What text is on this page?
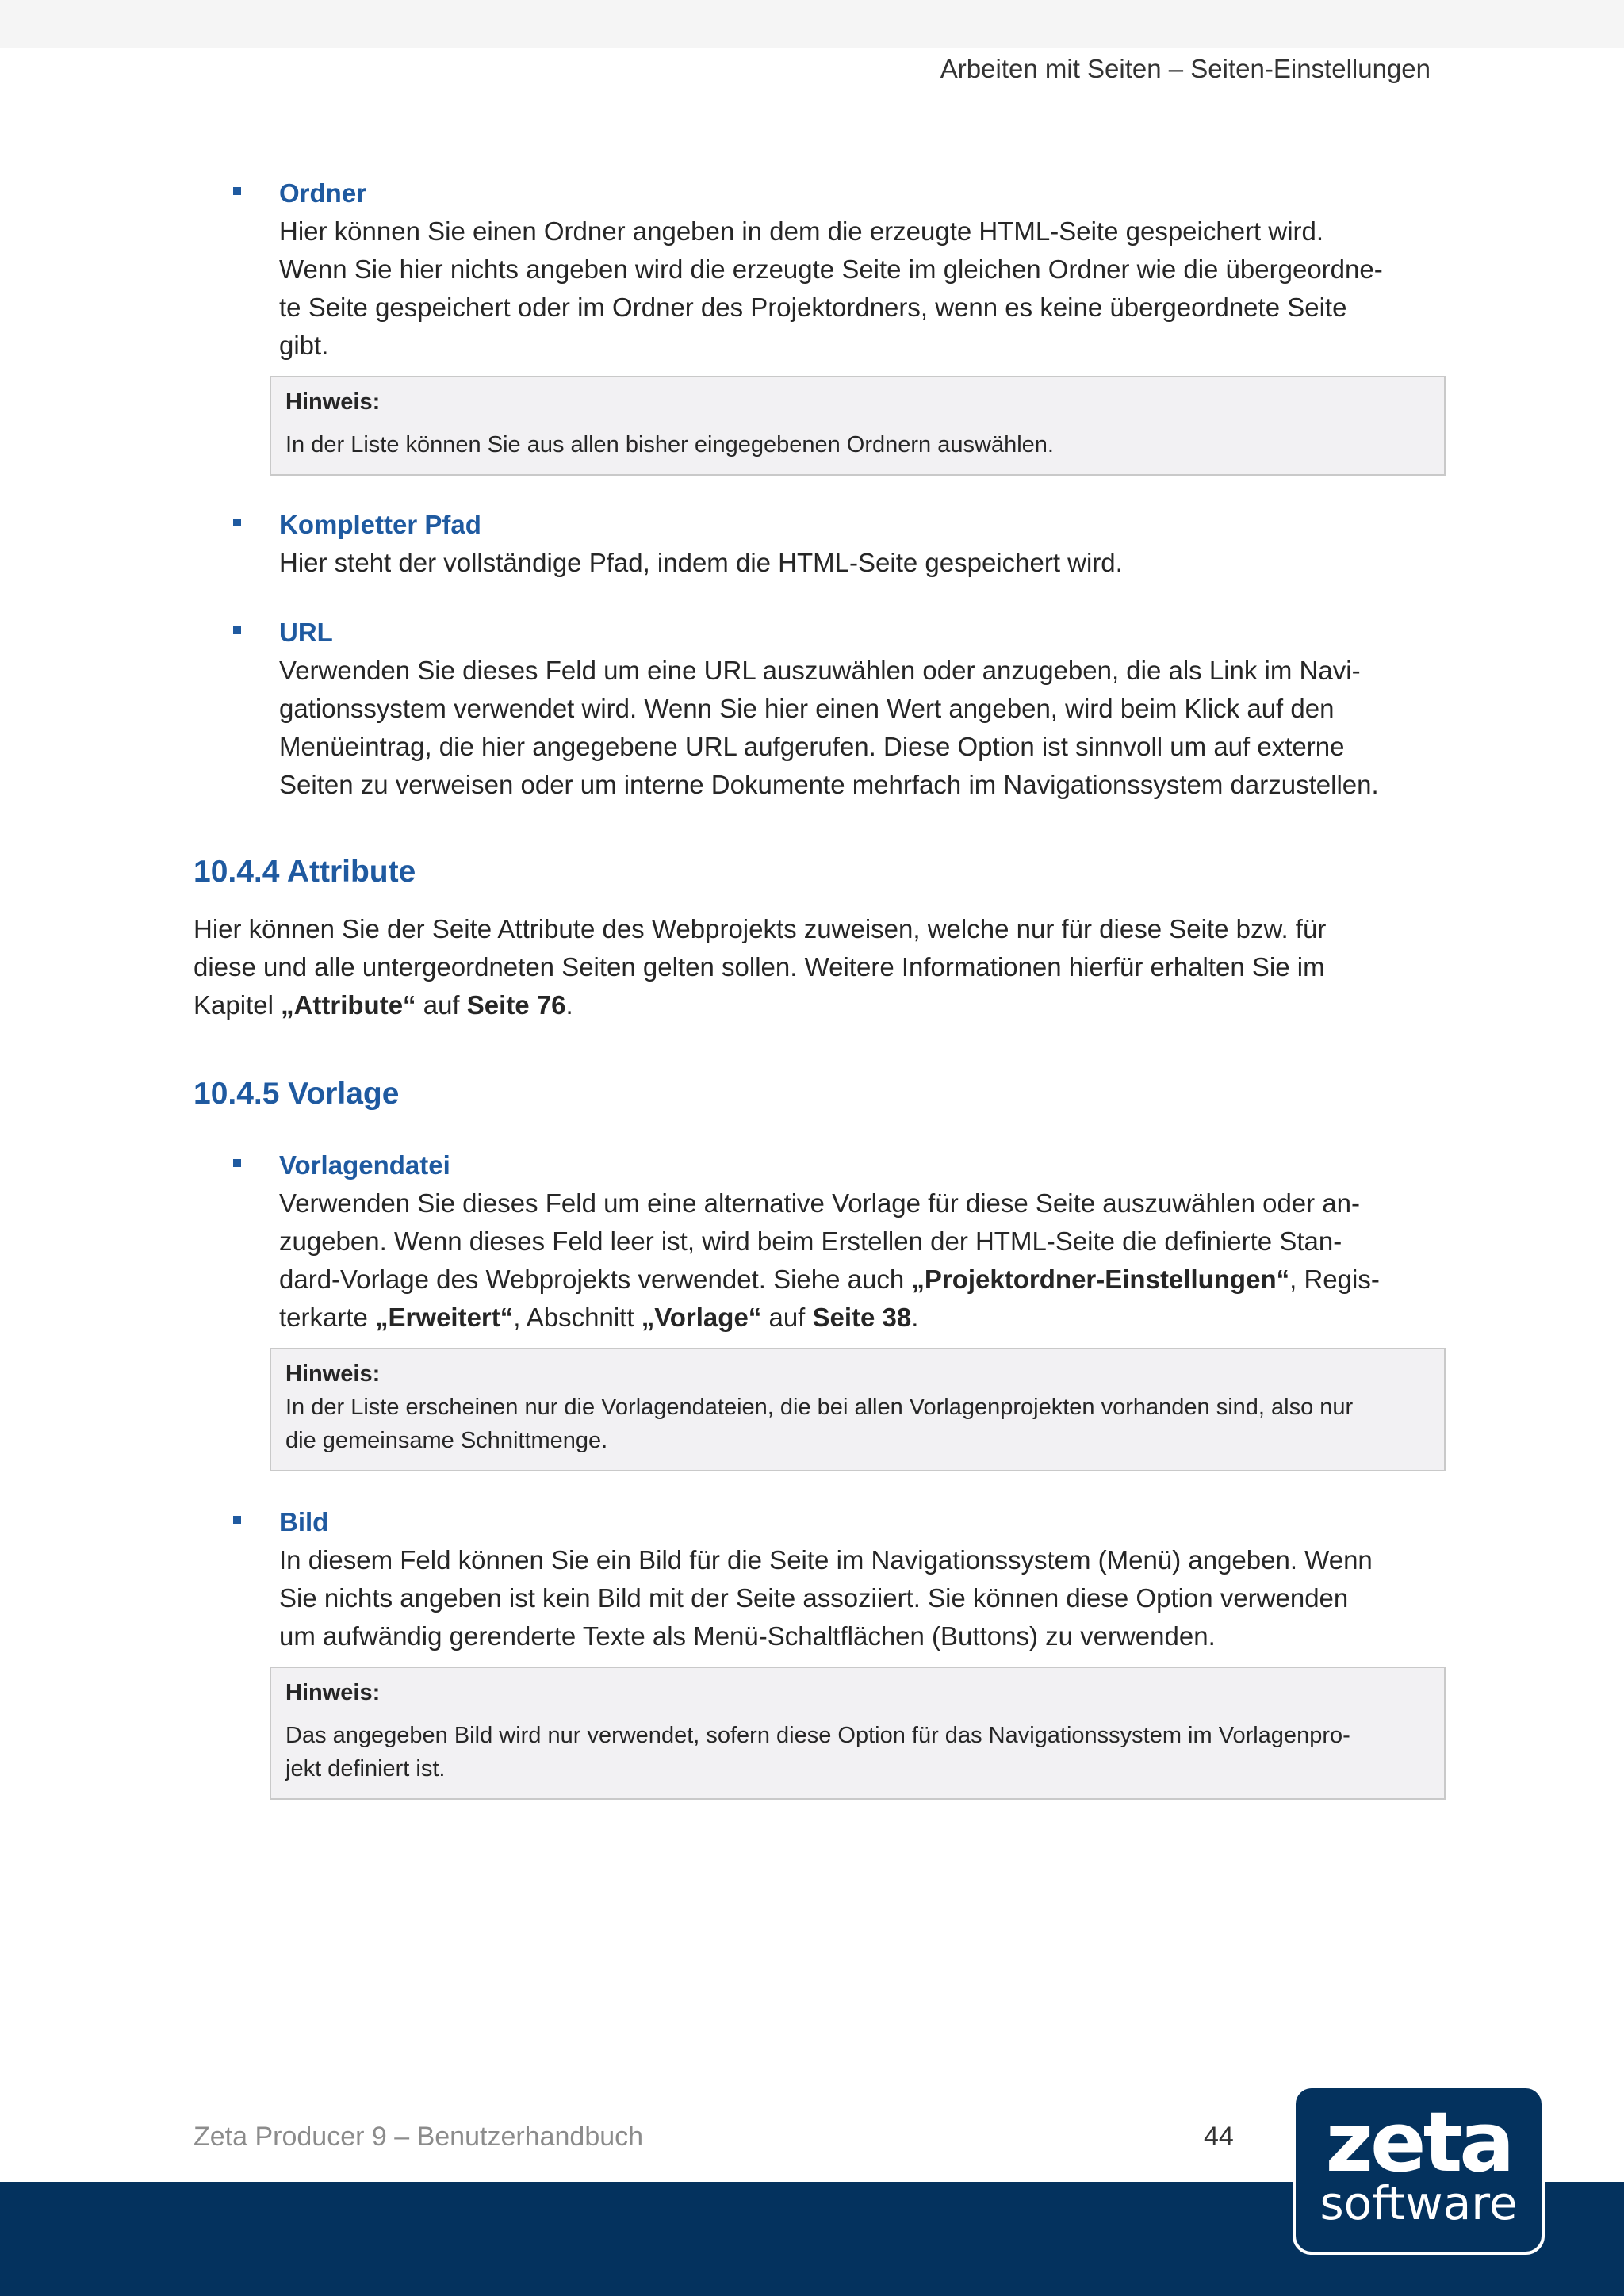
Arbeiten mit Seiten – Seiten-Einstellungen
Ordner
Hier können Sie einen Ordner angeben in dem die erzeugte HTML-Seite gespeichert wird.
Wenn Sie hier nichts angeben wird die erzeugte Seite im gleichen Ordner wie die übergeordne-
te Seite gespeichert oder im Ordner des Projektordners, wenn es keine übergeordnete Seite
gibt.
Hinweis:
In der Liste können Sie aus allen bisher eingegebenen Ordnern auswählen.
Kompletter Pfad
Hier steht der vollständige Pfad, indem die HTML-Seite gespeichert wird.
URL
Verwenden Sie dieses Feld um eine URL auszuwählen oder anzugeben, die als Link im Navi-
gationssystem verwendet wird. Wenn Sie hier einen Wert angeben, wird beim Klick auf den
Menüeintrag, die hier angegebene URL aufgerufen. Diese Option ist sinnvoll um auf externe
Seiten zu verweisen oder um interne Dokumente mehrfach im Navigationssystem darzustellen.
10.4.4 Attribute
Hier können Sie der Seite Attribute des Webprojekts zuweisen, welche nur für diese Seite bzw. für
diese und alle untergeordneten Seiten gelten sollen. Weitere Informationen hierfür erhalten Sie im
Kapitel „Attribute“ auf Seite 76.
10.4.5 Vorlage
Vorlagendatei
Verwenden Sie dieses Feld um eine alternative Vorlage für diese Seite auszuwählen oder an-
zugeben. Wenn dieses Feld leer ist, wird beim Erstellen der HTML-Seite die definierte Stan-
dard-Vorlage des Webprojekts verwendet. Siehe auch „Projektordner-Einstellungen“, Regis-
terkarte „Erweitert“, Abschnitt „Vorlage“ auf Seite 38.
Hinweis:
In der Liste erscheinen nur die Vorlagendateien, die bei allen Vorlagenprojekten vorhanden sind, also nur
die gemeinsame Schnittmenge.
Bild
In diesem Feld können Sie ein Bild für die Seite im Navigationssystem (Menü) angeben. Wenn
Sie nichts angeben ist kein Bild mit der Seite assoziiert. Sie können diese Option verwenden
um aufwändig gerenderte Texte als Menü-Schaltflächen (Buttons) zu verwenden.
Hinweis:
Das angegeben Bild wird nur verwendet, sofern diese Option für das Navigationssystem im Vorlagenpro-
jekt definiert ist.
Zeta Producer 9 – Benutzerhandbuch	44	zeta
software
